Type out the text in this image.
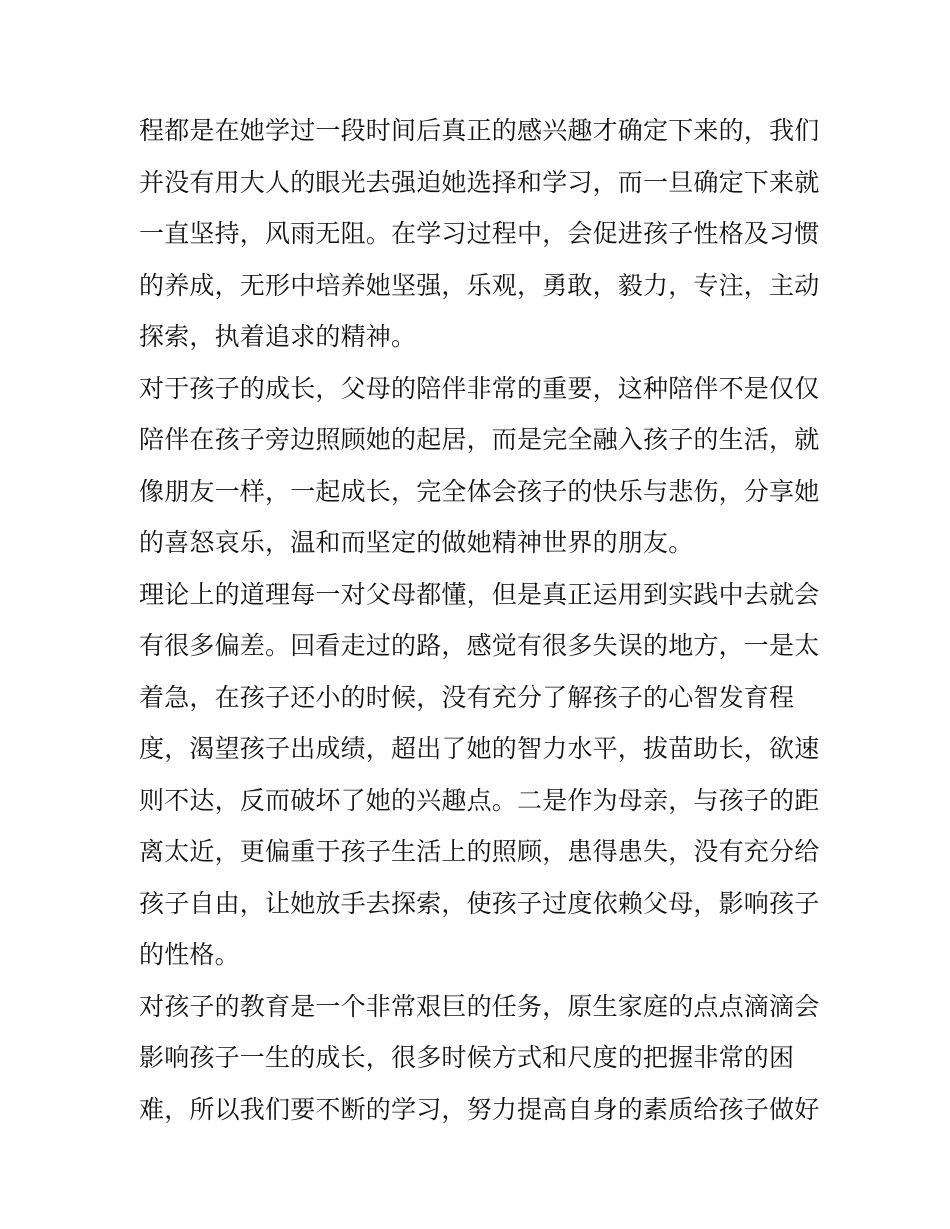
程都是在她学过一段时间后真正的感兴趣才确定下来的，我们
并没有用大人的眼光去强迫她选择和学习，而一旦确定下来就
一直坚持，风雨无阻。在学习过程中，会促进孩子性格及习惯
的养成，无形中培养她坚强，乐观，勇敢，毅力，专注，主动
探索，执着追求的精神。
对于孩子的成长，父母的陪伴非常的重要，这种陪伴不是仅仅
陪伴在孩子旁边照顾她的起居，而是完全融入孩子的生活，就
像朋友一样，一起成长，完全体会孩子的快乐与悲伤，分享她
的喜怒哀乐，温和而坚定的做她精神世界的朋友。
理论上的道理每一对父母都懂，但是真正运用到实践中去就会
有很多偏差。回看走过的路，感觉有很多失误的地方，一是太
着急，在孩子还小的时候，没有充分了解孩子的心智发育程
度，渴望孩子出成绩，超出了她的智力水平，拔苗助长，欲速
则不达，反而破坏了她的兴趣点。二是作为母亲，与孩子的距
离太近，更偏重于孩子生活上的照顾，患得患失，没有充分给
孩子自由，让她放手去探索，使孩子过度依赖父母，影响孩子
的性格。
对孩子的教育是一个非常艰巨的任务，原生家庭的点点滴滴会
影响孩子一生的成长，很多时候方式和尺度的把握非常的困
难，所以我们要不断的学习，努力提高自身的素质给孩子做好
